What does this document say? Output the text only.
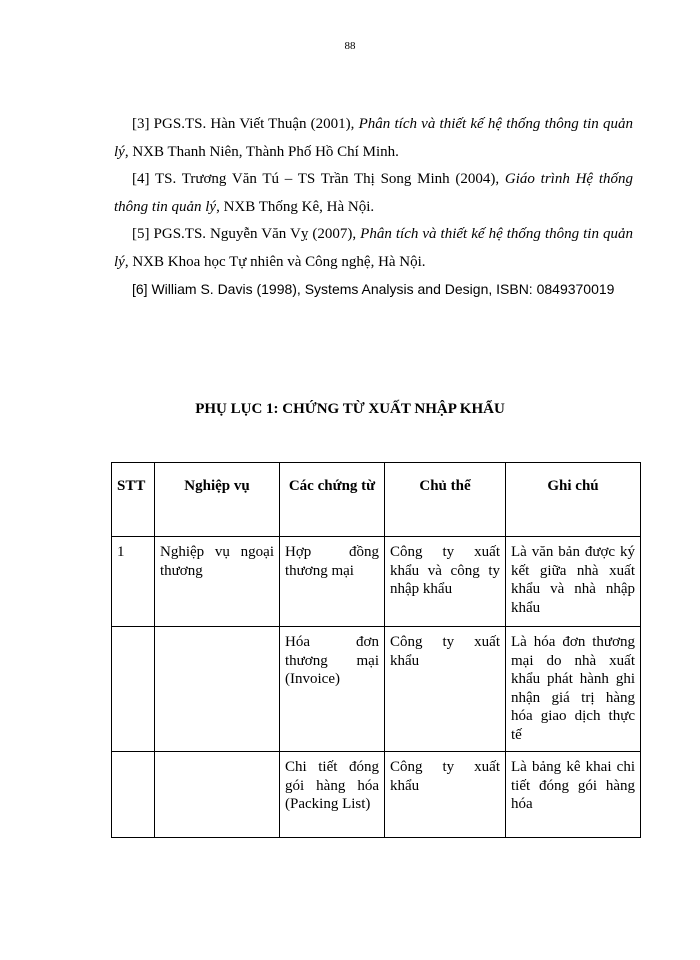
88

[3] PGS.TS. Hàn Viết Thuận (2001), Phân tích và thiết kế hệ thống thông tin quản lý, NXB Thanh Niên, Thành Phố Hồ Chí Minh.

[4] TS. Trương Văn Tú – TS Trần Thị Song Minh (2004), Giáo trình Hệ thống thông tin quản lý, NXB Thống Kê, Hà Nội.

[5] PGS.TS. Nguyễn Văn Vỵ (2007), Phân tích và thiết kế hệ thống thông tin quản lý, NXB Khoa học Tự nhiên và Công nghệ, Hà Nội.

[6] William S. Davis (1998), Systems Analysis and Design, ISBN: 0849370019

PHỤ LỤC 1: CHỨNG TỪ XUẤT NHẬP KHẨU
STT	Nghiệp vụ	Các chứng từ	Chủ thể	Ghi chú
1	Nghiệp vụ ngoại thương	Hợp đồng thương mại	Công ty xuất khẩu và công ty nhập khẩu	Là văn bản được ký kết giữa nhà xuất khẩu và nhà nhập khẩu
		Hóa đơn thương mại (Invoice)	Công ty xuất khẩu	Là hóa đơn thương mại do nhà xuất khẩu phát hành ghi nhận giá trị hàng hóa giao dịch thực tế
		Chi tiết đóng gói hàng hóa (Packing List)	Công ty xuất khẩu	Là bảng kê khai chi tiết đóng gói hàng hóa
